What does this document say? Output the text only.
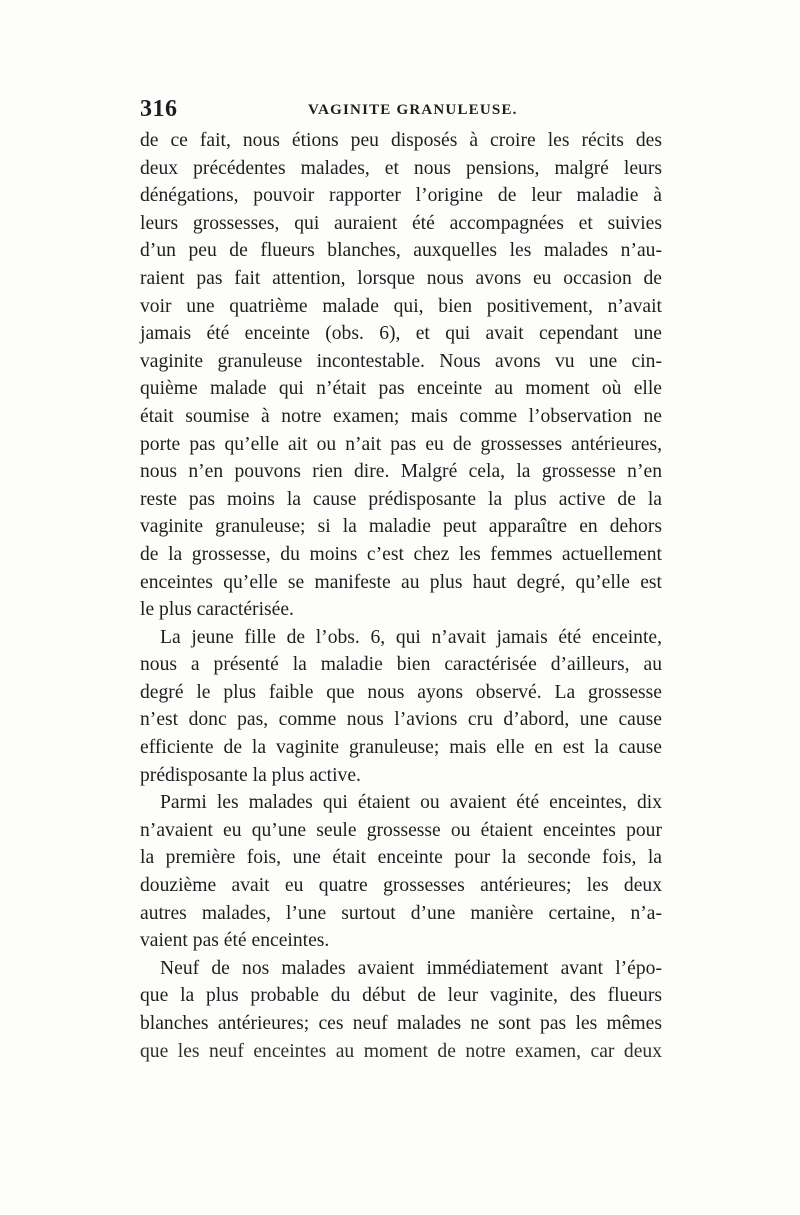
316	VAGINITE GRANULEUSE.
de ce fait, nous étions peu disposés à croire les récits des
deux précédentes malades, et nous pensions, malgré leurs
dénégations, pouvoir rapporter l’origine de leur maladie à
leurs grossesses, qui auraient été accompagnées et suivies
d’un peu de flueurs blanches, auxquelles les malades n’au-
raient pas fait attention, lorsque nous avons eu occasion de
voir une quatrième malade qui, bien positivement, n’avait
jamais été enceinte (obs. 6), et qui avait cependant une
vaginite granuleuse incontestable. Nous avons vu une cin-
quième malade qui n’était pas enceinte au moment où elle
était soumise à notre examen; mais comme l’observation ne
porte pas qu’elle ait ou n’ait pas eu de grossesses antérieures,
nous n’en pouvons rien dire. Malgré cela, la grossesse n’en
reste pas moins la cause prédisposante la plus active de la
vaginite granuleuse; si la maladie peut apparaître en dehors
de la grossesse, du moins c’est chez les femmes actuellement
enceintes qu’elle se manifeste au plus haut degré, qu’elle est
le plus caractérisée.
La jeune fille de l’obs. 6, qui n’avait jamais été enceinte,
nous a présenté la maladie bien caractérisée d’ailleurs, au
degré le plus faible que nous ayons observé. La grossesse
n’est donc pas, comme nous l’avions cru d’abord, une cause
efficiente de la vaginite granuleuse; mais elle en est la cause
prédisposante la plus active.
Parmi les malades qui étaient ou avaient été enceintes, dix
n’avaient eu qu’une seule grossesse ou étaient enceintes pour
la première fois, une était enceinte pour la seconde fois, la
douzième avait eu quatre grossesses antérieures; les deux
autres malades, l’une surtout d’une manière certaine, n’a-
vaient pas été enceintes.
Neuf de nos malades avaient immédiatement avant l’épo-
que la plus probable du début de leur vaginite, des flueurs
blanches antérieures; ces neuf malades ne sont pas les mêmes
que les neuf enceintes au moment de notre examen, car deux
